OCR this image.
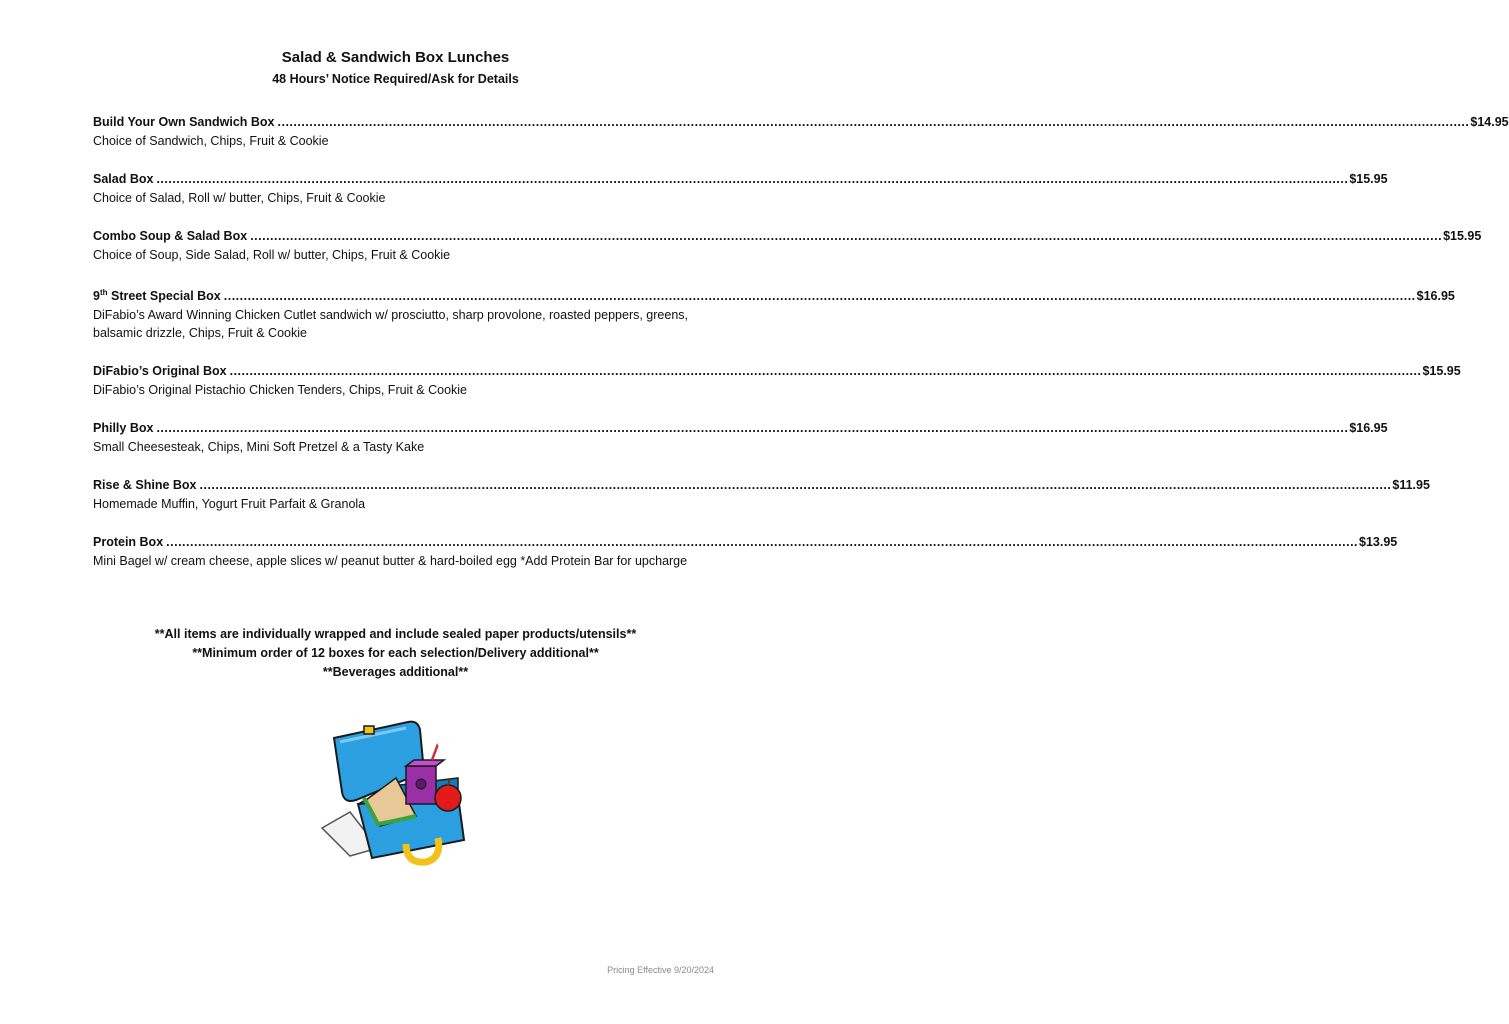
Salad & Sandwich Box Lunches
48 Hours’ Notice Required/Ask for Details
Build Your Own Sandwich Box ............................................................................................................................................................................................................................................................................................................ $14.95
Choice of Sandwich, Chips, Fruit & Cookie
Salad Box ............................................................................................................................................................................................................................................................................................................ $15.95
Choice of Salad, Roll w/ butter, Chips, Fruit & Cookie
Combo Soup & Salad Box ............................................................................................................................................................................................................................................................................................................ $15.95
Choice of Soup, Side Salad, Roll w/ butter, Chips, Fruit & Cookie
9th Street Special Box ............................................................................................................................................................................................................................................................................................................ $16.95
DiFabio’s Award Winning Chicken Cutlet sandwich w/ prosciutto, sharp provolone, roasted peppers, greens, balsamic drizzle, Chips, Fruit & Cookie
DiFabio’s Original Box ............................................................................................................................................................................................................................................................................................................ $15.95
DiFabio’s Original Pistachio Chicken Tenders, Chips, Fruit & Cookie
Philly Box ............................................................................................................................................................................................................................................................................................................ $16.95
Small Cheesesteak, Chips, Mini Soft Pretzel & a Tasty Kake
Rise & Shine Box ............................................................................................................................................................................................................................................................................................................ $11.95
Homemade Muffin, Yogurt Fruit Parfait & Granola
Protein Box ............................................................................................................................................................................................................................................................................................................ $13.95
Mini Bagel w/ cream cheese, apple slices w/ peanut butter & hard-boiled egg *Add Protein Bar for upcharge
**All items are individually wrapped and include sealed paper products/utensils**
**Minimum order of 12 boxes for each selection/Delivery additional**
**Beverages additional**
Pricing Effective 9/20/2024
